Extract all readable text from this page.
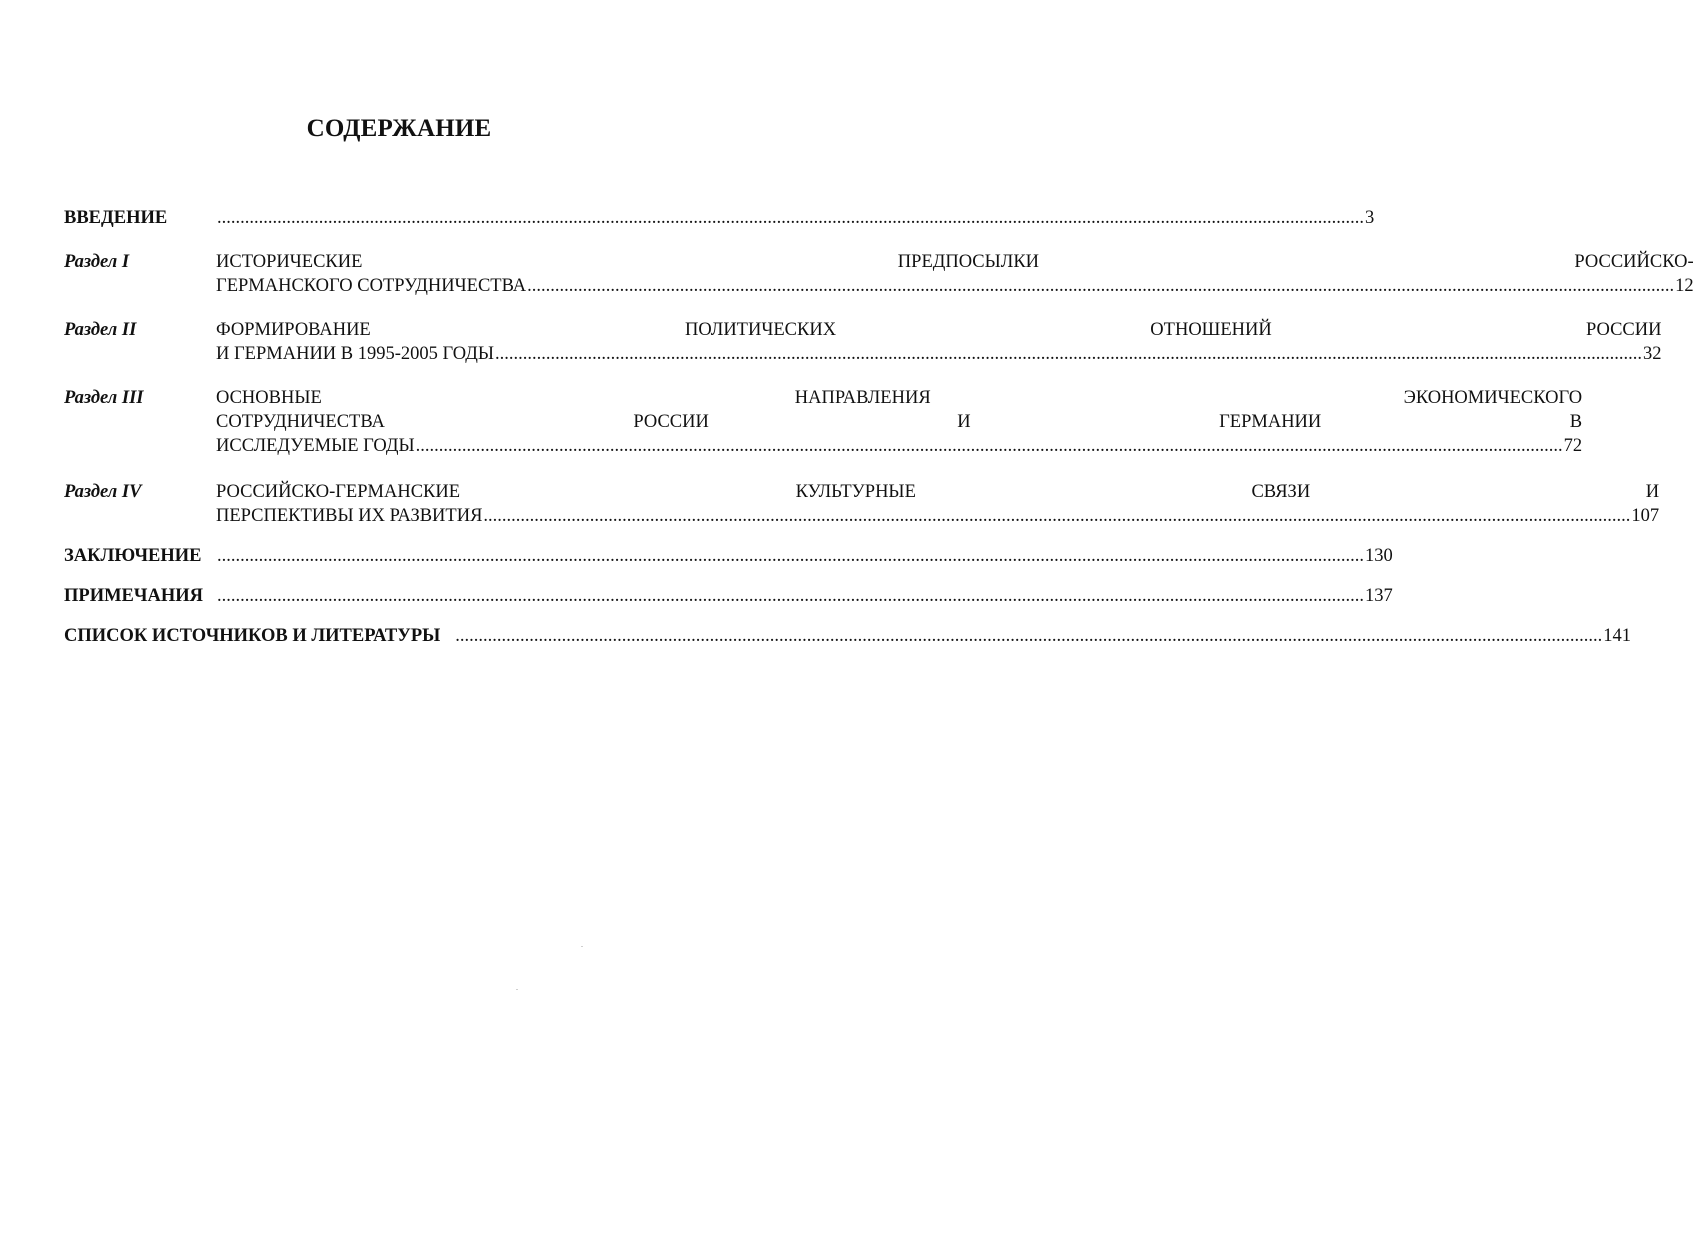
СОДЕРЖАНИЕ
ВВЕДЕНИЕ .....	3
Раздел I	ИСТОРИЧЕСКИЕ	ПРЕДПОСЫЛКИ	РОССИЙСКО-
ГЕРМАНСКОГО СОТРУДНИЧЕСТВА .....	12
Раздел II	ФОРМИРОВАНИЕ	ПОЛИТИЧЕСКИХ	ОТНОШЕНИЙ	РОССИИ
И ГЕРМАНИИ В 1995-2005 ГОДЫ .....	32
Раздел III	ОСНОВНЫЕ	НАПРАВЛЕНИЯ	ЭКОНОМИЧЕСКОГО
СОТРУДНИЧЕСТВА	РОССИИ	И	ГЕРМАНИИ	В
ИССЛЕДУЕМЫЕ ГОДЫ .....	72
Раздел IV	РОССИЙСКО-ГЕРМАНСКИЕ	КУЛЬТУРНЫЕ	СВЯЗИ	И
ПЕРСПЕКТИВЫ ИХ РАЗВИТИЯ .....	107
ЗАКЛЮЧЕНИЕ .....	130
ПРИМЕЧАНИЯ .....	137
СПИСОК ИСТОЧНИКОВ И ЛИТЕРАТУРЫ .....	141
